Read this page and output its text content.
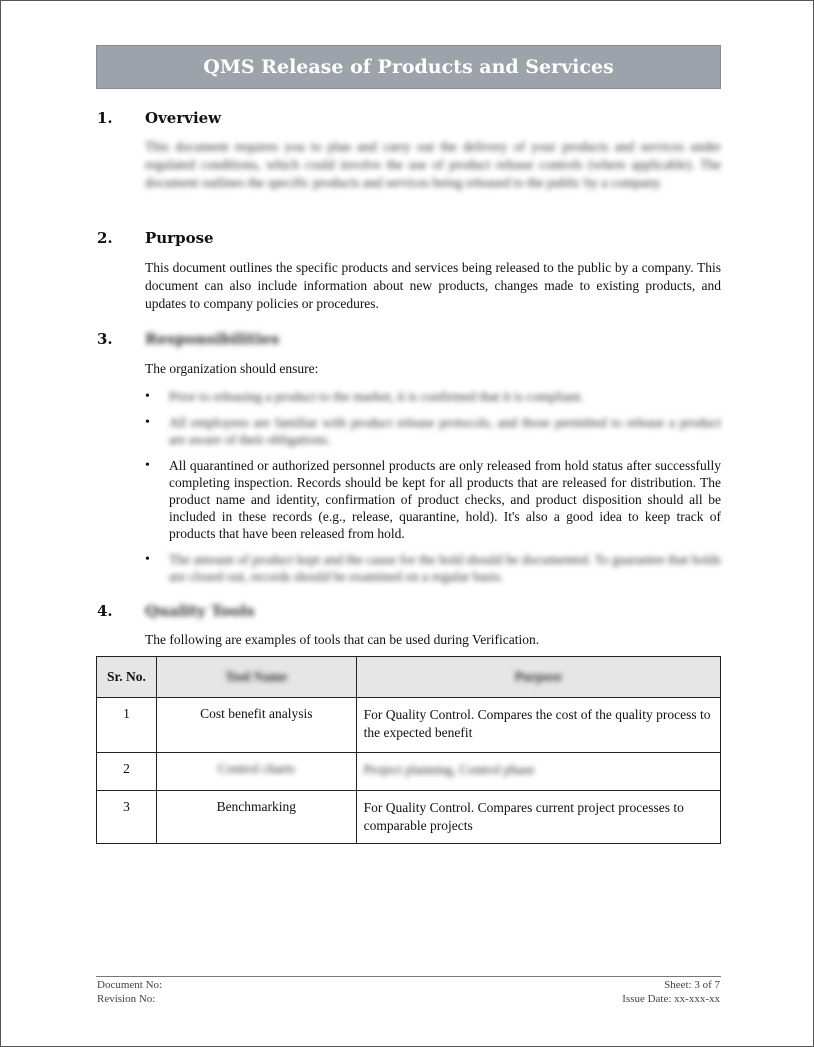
QMS Release of Products and Services
1. Overview

This document requires you to plan and carry out the delivery of your products and services under regulated conditions, which could involve the use of product release controls (where applicable). The document outlines the specific products and services being released to the public by a company.

2. Purpose

This document outlines the specific products and services being released to the public by a company. This document can also include information about new products, changes made to existing products, and updates to company policies or procedures.

3. Responsibilities

The organization should ensure:

• Prior to releasing a product to the market, it is confirmed that it is compliant.
• All employees are familiar with product release protocols, and those permitted to release a product are aware of their obligations.
• All quarantined or authorized personnel products are only released from hold status after successfully completing inspection. Records should be kept for all products that are released for distribution. The product name and identity, confirmation of product checks, and product disposition should all be included in these records (e.g., release, quarantine, hold). It's also a good idea to keep track of products that have been released from hold.
• The amount of product kept and the cause for the hold should be documented. To guarantee that holds are closed out, records should be examined on a regular basis.
4. Quality Tools

The following are examples of tools that can be used during Verification.

Sr. No.	Tool Name	Purpose
1	Cost benefit analysis	For Quality Control. Compares the cost of the quality process to the expected benefit
2	Control charts	Project planning, Control phase
3	Benchmarking	For Quality Control. Compares current project processes to comparable projects
Document No:
Revision No:
Sheet: 3 of 7
Issue Date: xx-xxx-xx
